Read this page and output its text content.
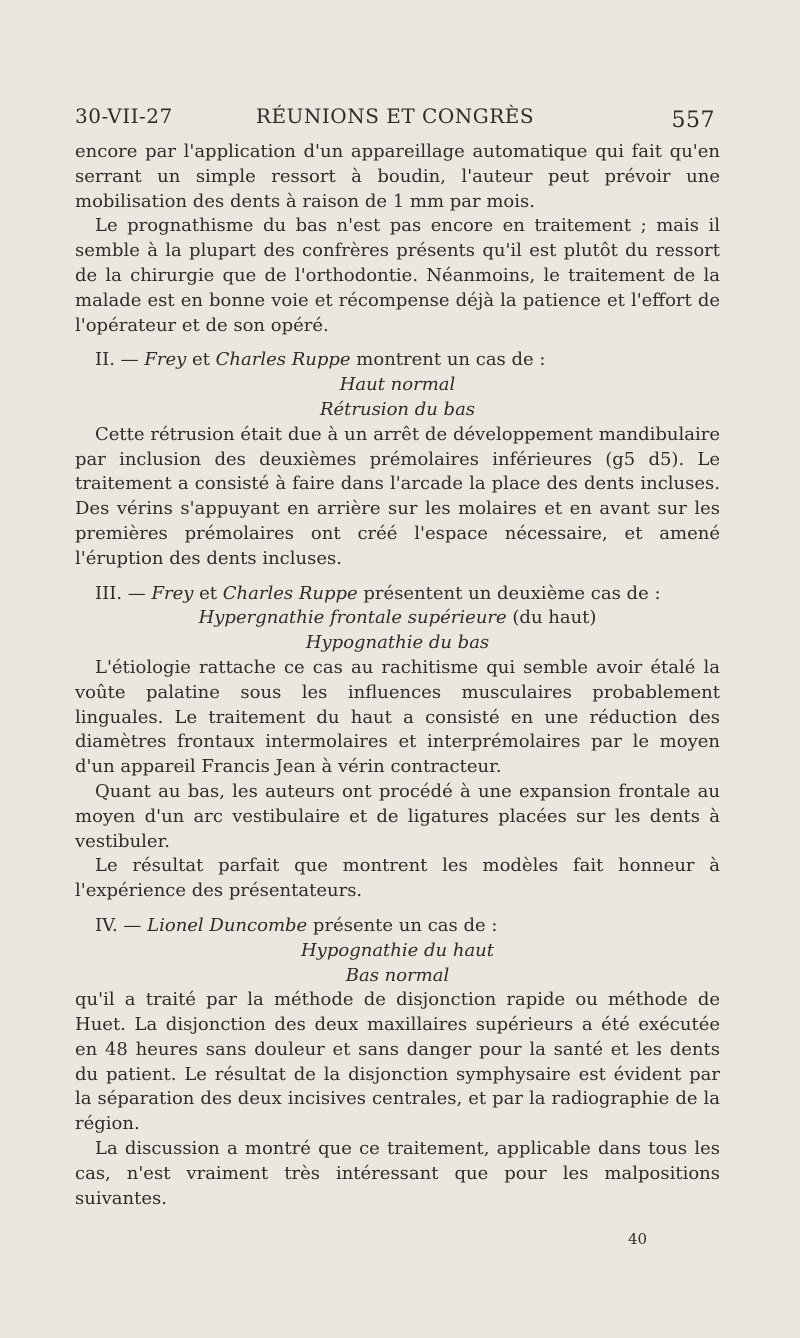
30-VII-27	RÉUNIONS ET CONGRÈS	557

encore par l'application d'un appareillage automatique qui fait qu'en serrant un simple ressort à boudin, l'auteur peut prévoir une mobilisation des dents à raison de 1 mm par mois.

Le prognathisme du bas n'est pas encore en traitement ; mais il semble à la plupart des confrères présents qu'il est plutôt du ressort de la chirurgie que de l'orthodontie. Néanmoins, le traitement de la malade est en bonne voie et récompense déjà la patience et l'effort de l'opérateur et de son opéré.

II. — Frey et Charles Ruppe montrent un cas de :

Haut normal

Rétrusion du bas

Cette rétrusion était due à un arrêt de développement mandibulaire par inclusion des deuxièmes prémolaires inférieures (g5 d5). Le traitement a consisté à faire dans l'arcade la place des dents incluses. Des vérins s'appuyant en arrière sur les molaires et en avant sur les premières prémolaires ont créé l'espace nécessaire, et amené l'éruption des dents incluses.

III. — Frey et Charles Ruppe présentent un deuxième cas de :

Hypergnathie frontale supérieure (du haut)

Hypognathie du bas

L'étiologie rattache ce cas au rachitisme qui semble avoir étalé la voûte palatine sous les influences musculaires probablement linguales. Le traitement du haut a consisté en une réduction des diamètres frontaux intermolaires et interprémolaires par le moyen d'un appareil Francis Jean à vérin contracteur.

Quant au bas, les auteurs ont procédé à une expansion frontale au moyen d'un arc vestibulaire et de ligatures placées sur les dents à vestibuler.

Le résultat parfait que montrent les modèles fait honneur à l'expérience des présentateurs.

IV. — Lionel Duncombe présente un cas de :

Hypognathie du haut

Bas normal

qu'il a traité par la méthode de disjonction rapide ou méthode de Huet. La disjonction des deux maxillaires supérieurs a été exécutée en 48 heures sans douleur et sans danger pour la santé et les dents du patient. Le résultat de la disjonction symphysaire est évident par la séparation des deux incisives centrales, et par la radiographie de la région.

La discussion a montré que ce traitement, applicable dans tous les cas, n'est vraiment très intéressant que pour les malpositions suivantes.

40
